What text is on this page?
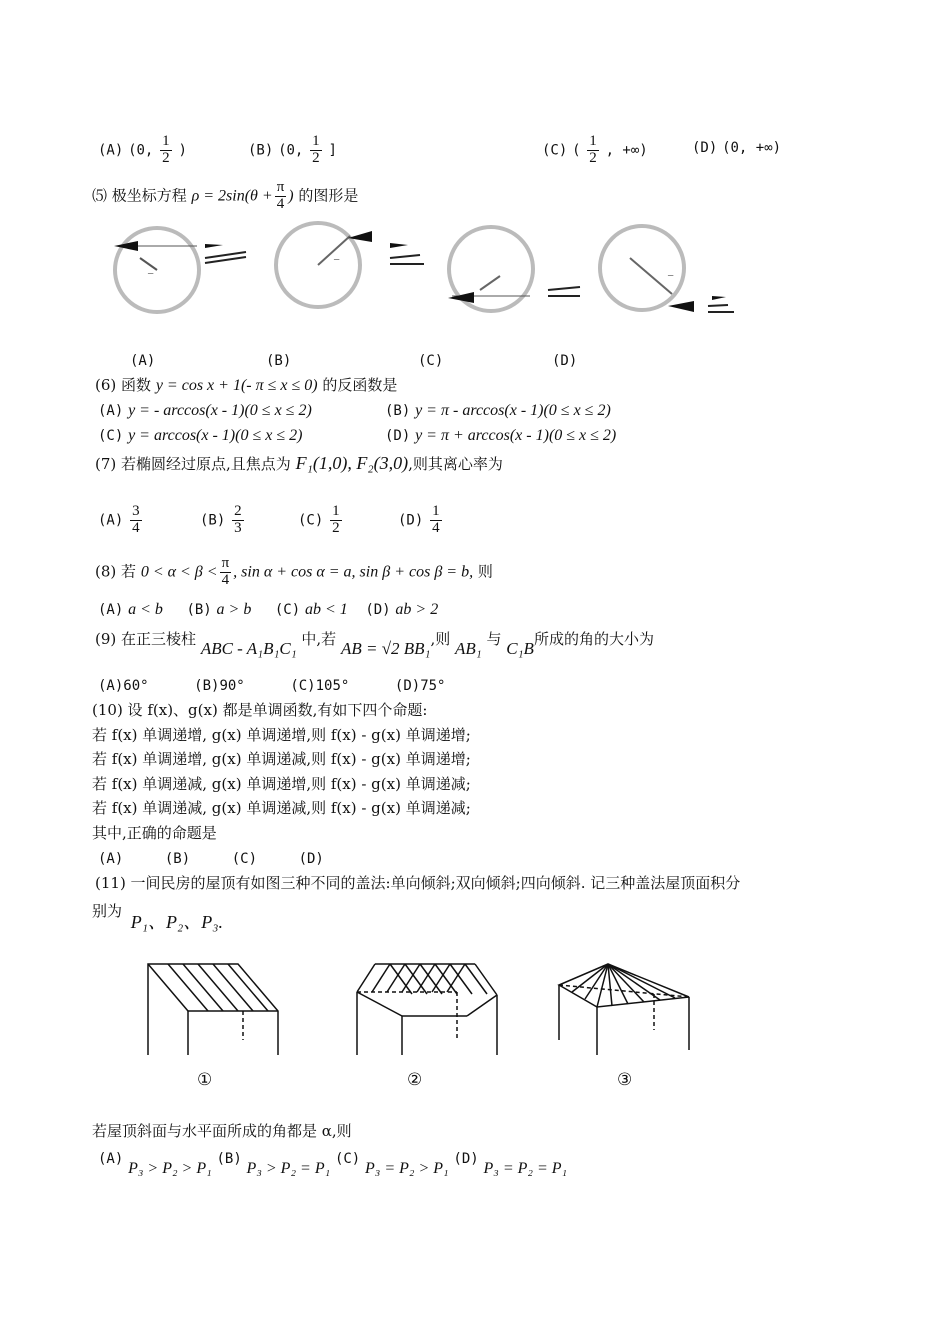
(A) (0, $\frac{1}{2}$ )	(B) (0, $\frac{1}{2}$ ]	(C) ( $\frac{1}{2}$ , +∞)	(D) (0, +∞)
⑸ 极坐标方程 $\rho = 2\sin(\theta + \frac{\pi}{4}$ ) 的图形是
ــ
ــ
ــ
(A)	(B)	(C)	(D)
(6) 函数 y = cos x + 1(- π ≤ x ≤ 0) 的反函数是
(A) y = - arccos(x - 1)(0 ≤ x ≤ 2)	(B) y = π - arccos(x - 1)(0 ≤ x ≤ 2)
(C) y = arccos(x - 1)(0 ≤ x ≤ 2)	(D) y = π + arccos(x - 1)(0 ≤ x ≤ 2)
(7) 若椭圆经过原点,且焦点为 F₁(1,0), F₂(3,0),则其离心率为
$(A) \frac{3}{4}$	$(B) \frac{2}{3}$	$(C) \frac{1}{2}$	$(D) \frac{1}{4}$
(8) 若 $0 < \alpha < \beta < \frac{\pi}{4}$ , sin α + cos α = a, sin β + cos β = b, 则
(A) a < b (B) a > b (C) ab < 1 (D) ab > 2
(9) 在正三棱柱 ABC - A₁B₁C₁ 中,若 AB = √2 BB₁,则 AB₁ 与 C₁B所成的角的大小为
(A)60°	(B)90°	(C)105°	(D)75°
(10) 设 f(x)、g(x) 都是单调函数,有如下四个命题:
若 f(x) 单调递增, g(x) 单调递增,则 f(x) - g(x) 单调递增;
若 f(x) 单调递增, g(x) 单调递减,则 f(x) - g(x) 单调递增;
若 f(x) 单调递减, g(x) 单调递增,则 f(x) - g(x) 单调递减;
若 f(x) 单调递减, g(x) 单调递减,则 f(x) - g(x) 单调递减;
其中,正确的命题是
(A)	(B)	(C)	(D)
(11) 一间民房的屋顶有如图三种不同的盖法:单向倾斜;双向倾斜;四向倾斜. 记三种盖法屋顶面积分
别为 P₁、P₂、P₃.
①	②	③
若屋顶斜面与水平面所成的角都是 α,则
(A) P₃ > P₂ > P₁ (B) P₃ > P₂ = P₁ (C) P₃ = P₂ > P₁ (D) P₃ = P₂ = P₁
